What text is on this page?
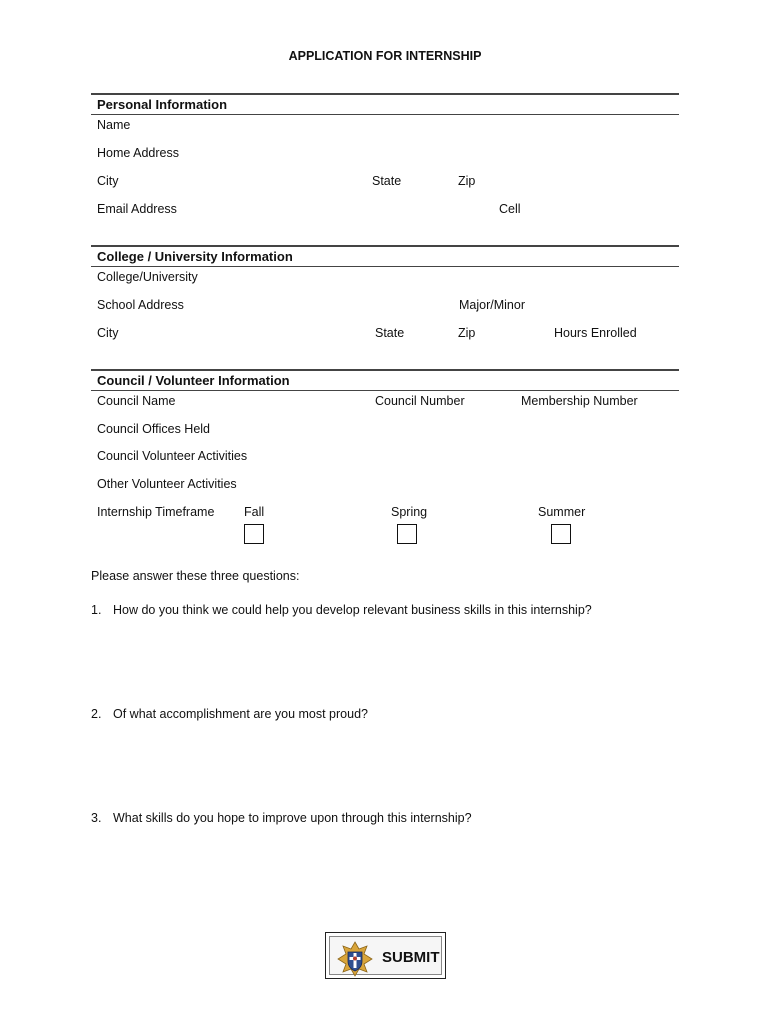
APPLICATION FOR INTERNSHIP
Personal Information
Name
Home Address
City	State	Zip
Email Address	Cell
College / University Information
College/University
School Address	Major/Minor
City	State	Zip	Hours Enrolled
Council / Volunteer Information
Council Name	Council Number	Membership Number
Council Offices Held
Council Volunteer Activities
Other Volunteer Activities
Internship Timeframe Fall	Spring	Summer
Please answer these three questions:
1. How do you think we could help you develop relevant business skills in this internship?
2. Of what accomplishment are you most proud?
3. What skills do you hope to improve upon through this internship?
SUBMIT
